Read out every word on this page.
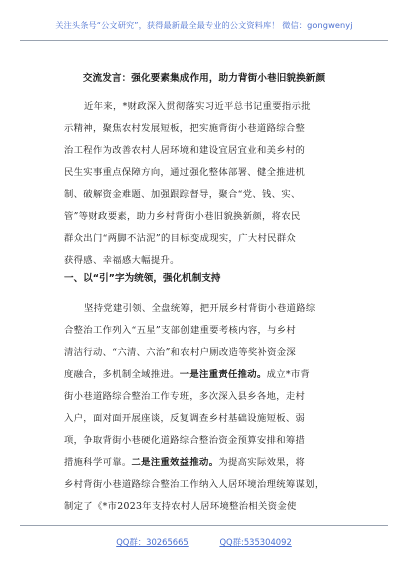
关注头条号“公文研究”，获得最新最全最专业的公文资料库！ 微信：gongwenyj
交流发言：强化要素集成作用，助力背街小巷旧貌换新颜
近年来，*财政深入贯彻落实习近平总书记重要指示批
示精神，聚焦农村发展短板，把实施背街小巷道路综合整
治工程作为改善农村人居环境和建设宜居宜业和美乡村的
民生实事重点保障方向，通过强化整体部署、健全推进机
制、破解资金难题、加强跟踪督导，聚合“党、钱、实、
管”等财政要素，助力乡村背街小巷旧貌换新颜，将农民
群众出门“两脚不沾泥”的目标变成现实，广大村民群众
获得感、幸福感大幅提升。
一、以“引”字为统领，强化机制支持
坚持党建引领、全盘统筹，把开展乡村背街小巷道路综
合整治工作列入“五星”支部创建重要考核内容，与乡村
清洁行动、“六清、六治”和农村户厕改造等奖补资金深
度融合，多机制全域推进。一是注重责任推动。成立*市背
街小巷道路综合整治工作专班，多次深入县乡各地，走村
入户，面对面开展座谈，反复调查乡村基础设施短板、弱
项，争取背街小巷硬化道路综合整治资金预算安排和筹措
措施科学可靠。二是注重效益推动。为提高实际效果，将
乡村背街小巷道路综合整治工作纳入人居环境治理统筹谋划，
制定了《*市2023年支持农村人居环境整治相关资金使
QQ群：30265665	QQ群:535304092
